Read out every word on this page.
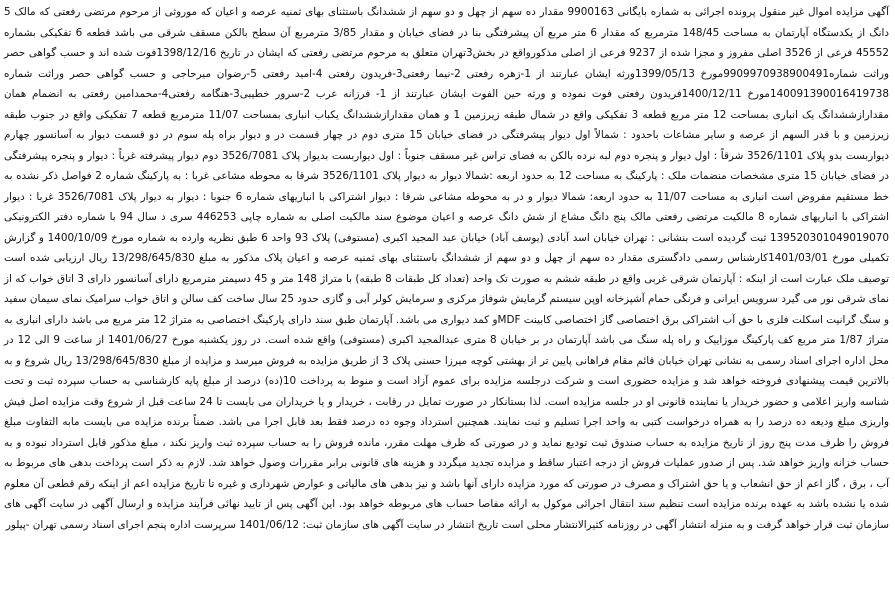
آگهی مزایده اموال غیر منقول پرونده اجرائی به شماره بایگانی 9900163 مقدار ده سهم از چهل و دو سهم از ششدانگ باستثنای بهای ثمنیه عرصه و اعیان که موروثی از مرحوم مرتضی رفعتی که مالک 5 دانگ از یکدستگاه آپارتمان به مساحت 148/45 مترمربع که مقدار 6 متر مربع آن پیشرفتگی بنا در فضای خیابان و مقدار 3/85 مترمربع آن سطح بالکن مسقف شرقی می باشد قطعه 6 تفکیکی بشماره 45552 فرعی از 3526 اصلی مفروز و مجزا شده از 9237 فرعی از اصلی مذکورواقع در بخش3تهران متعلق به مرحوم مرتضی رفعتی که ایشان در تاریخ 1398/12/16فوت شده اند و حسب گواهی حصر وراثت شماره9909970938900491مورخ 1399/05/13ورثه ایشان عبارتند از 1-زهره رفعتی 2-نیما رفعتی3-فریدون رفعتی 4-امید رفعتی 5-رضوان میرحاجی و حسب گواهی حصر وراثت شماره 140091390016419738مورخ 1400/12/11فریدون رفعتی فوت نموده و ورثه حین الفوت ایشان عبارتند از 1- فرزانه عرب 2-سرور خطیبی3-هنگامه رفعتی4-محمدامین رفعتی به انضمام همان مقدارازششدانگ یک انباری بمساحت 12 متر مربع قطعه 3 تفکیکی واقع در شمال طبقه زیرزمین 1 و همان مقدارازششدانگ یکباب انباری بمساحت 11/07 مترمربع قطعه 7 تفکیکی واقع در جنوب طبقه زیرزمین و با قدر السهم از عرصه و سایر مشاعات باحدود : شمالاً اول دیوار پیشرفتگی در فضای خیابان 15 متری دوم در چهار قسمت در و دیوار براه پله سوم در دو قسمت دیوار به آسانسور چهارم دیواربست بدو پلاک 3526/1101 شرقاً : اول دیوار و پنجره دوم لبه نرده بالکن به فضای تراس غیر مسقف جنوباً : اول دیواربست بدیوار پلاک 3526/7081 دوم دیوار پیشرفته غرباً : دیوار و پنجره پیشرفتگی در فضای خیابان 15 متری مشخصات منضمات ملک : پارکینگ به مساحت 12 به حدود اربعه :شمالا دیوار به دیوار پلاک 3526/1101 شرقا به محوطه مشاعی غربا : به پارکینگ شماره 2 فواصل ذکر نشده به خط مستقیم مفروض است انباری به مساحت 11/07 به حدود اربعه: شمالا دیوار و در به محوطه مشاعی شرقا : دیوار اشتراکی با انباریهای شماره 6 جنوبا : دیوار به دیوار پلاک 3526/7081 غربا : دیوار اشتراکی با انباریهای شماره 8 مالکیت مرتضی رفعتی مالک پنج دانگ مشاع از شش دانگ عرصه و اعیان موضوع سند مالکیت اصلی به شماره چاپی 446253 سری د سال 94 با شماره دفتر الکترونیکی 139520301049019070 ثبت گردیده است بنشانی : تهران خیابان اسد آبادی (یوسف آباد) خیابان عبد المجید اکبری (مستوفی) پلاک 93 واحد 6 طبق نظریه وارده به شماره مورخ 1400/10/09 و گزارش تکمیلی مورخ 1401/03/01کارشناس رسمی دادگستری مقدار ده سهم از چهل و دو سهم از ششدانگ باستثنای بهای ثمنیه عرصه و اعیان پلاک مذکور به مبلغ 13/298/645/830 ریال ارزیابی شده است توصیف ملک عبارت است از اینکه : آپارتمان شرقی غربی واقع در طبقه ششم به صورت تک واحد (تعداد کل طبقات 8 طبقه) با متراژ 148 متر و 45 دسیمتر مترمربع دارای آسانسور دارای 3 اتاق خواب که از نمای شرقی نور می گیرد سرویس ایرانی و فرنگی حمام آشپزخانه اوپن سیستم گرمایش شوفاژ مرکزی و سرمایش کولر آبی و گازی حدود 25 سال ساخت کف سالن و اتاق خواب سرامیک نمای سیمان سفید و سنگ گرانیت اسکلت فلزی با حق آب اشتراکی برق اختصاصی گاز اختصاصی کابینت MDFو کمد دیواری می باشد. آپارتمان طبق سند دارای پارکینگ اختصاصی به متراژ 12 متر مربع می باشد دارای انباری به متراژ 1/87 متر مربع کف پارکینگ موزاییک و راه پله سنگ می باشد آپارتمان در بر خیابان 8 متری عبدالمجید اکبری (مستوفی) واقع شده است. در روز یکشنبه مورخ 1401/06/27 از ساعت 9 الی 12 در محل اداره اجرای اسناد رسمی به نشانی تهران خیابان قائم مقام فراهانی پایین تر از بهشتی کوچه میرزا حسنی پلاک 3 از طریق مزایده به فروش میرسد و مزایده از مبلغ 13/298/645/830 ریال شروع و به بالاترین قیمت پیشنهادی فروخته خواهد شد و مزایده حضوری است و شرکت درجلسه مزایده برای عموم آزاد است و منوط به پرداخت 10(ده) درصد از مبلغ پایه کارشناسی به حساب سپرده ثبت و تحت شناسه واریز اعلامی و حضور خریدار یا نماینده قانونی او در جلسه مزایده است. لذا بستانکار در صورت تمایل در رقابت ، خریدار و یا خریداران می بایست تا 24 ساعت قبل از شروع وقت مزایده اصل فیش واریزی مبلغ ودیعه ده درصد را به همراه درخواست کتبی به واحد اجرا تسلیم و ثبت نمایند. همچنین استرداد وجوه ده درصد فقط بعد قابل اجرا می باشد. ضمناً برنده مزایده می بایست مابه التفاوت مبلغ فروش را ظرف مدت پنج روز از تاریخ مزایده به حساب صندوق ثبت تودیع نماید و در صورتی که ظرف مهلت مقرر، مانده فروش را به حساب سپرده ثبت واریز نکند ، مبلغ مذکور قابل استرداد نبوده و به حساب خزانه واریز خواهد شد. پس از صدور عملیات فروش از درجه اعتبار ساقط و مزایده تجدید میگردد و هزینه های قانونی برابر مقررات وصول خواهد شد. لازم به ذکر است پرداخت بدهی های مربوط به آب ، برق ، گاز اعم از حق انشعاب و یا حق اشتراک و مصرف در صورتی که مورد مزایده دارای آنها باشد و نیز بدهی های مالیاتی و عوارض شهرداری و غیره تا تاریخ مزایده اعم از اینکه رقم قطعی آن معلوم شده یا نشده باشد به عهده برنده مزایده است تنظیم سند انتقال اجرائی موکول به ارائه مفاصا حساب های مربوطه خواهد بود. این آگهی پس از تایید نهائی فرآیند مزایده و ارسال آگهی در سایت آگهی های سازمان ثبت قرار خواهد گرفت و به منزله انتشار آگهی در روزنامه کثیرالانتشار محلی است تاریخ انتشار در سایت آگهی های سازمان ثبت: 1401/06/12 سرپرست اداره پنجم اجرای اسناد رسمی تهران -پیلور
